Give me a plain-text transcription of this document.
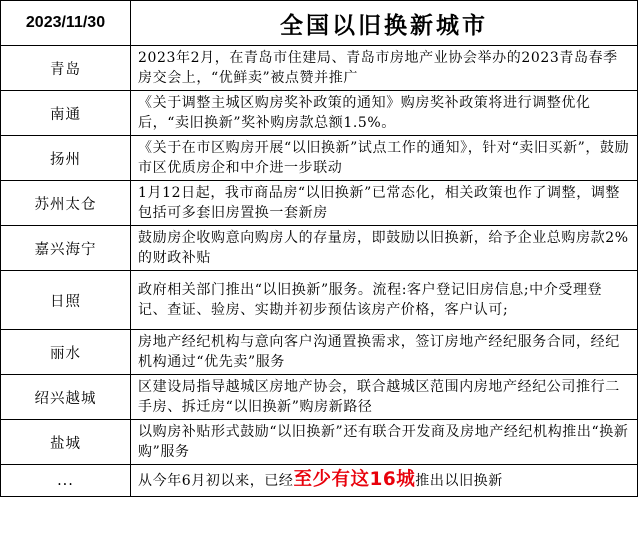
2023/11/30	全国以旧换新城市
青岛	2023年2月，在青岛市住建局、青岛市房地产业协会举办的2023青岛春季房交会上，“优鲜卖”被点赞并推广

南通	《关于调整主城区购房奖补政策的通知》购房奖补政策将进行调整优化后，“卖旧换新”奖补购房款总额1.5%。

扬州	《关于在市区购房开展“以旧换新”试点工作的通知》，针对“卖旧买新”，鼓励市区优质房企和中介进一步联动

苏州太仓	1月12日起，我市商品房“以旧换新”已常态化，相关政策也作了调整，调整包括可多套旧房置换一套新房

嘉兴海宁	鼓励房企收购意向购房人的存量房，即鼓励以旧换新，给予企业总购房款2%的财政补贴

日照	政府相关部门推出“以旧换新”服务。流程:客户登记旧房信息;中介受理登记、查证、验房、实勘并初步预估该房产价格，客户认可;

丽水	房地产经纪机构与意向客户沟通置换需求，签订房地产经纪服务合同，经纪机构通过“优先卖”服务

绍兴越城	区建设局指导越城区房地产协会，联合越城区范围内房地产经纪公司推行二手房、拆迁房“以旧换新”购房新路径

盐城	以购房补贴形式鼓励“以旧换新”还有联合开发商及房地产经纪机构推出“换新购”服务

...	从今年6月初以来，已经至少有这16城推出以旧换新
